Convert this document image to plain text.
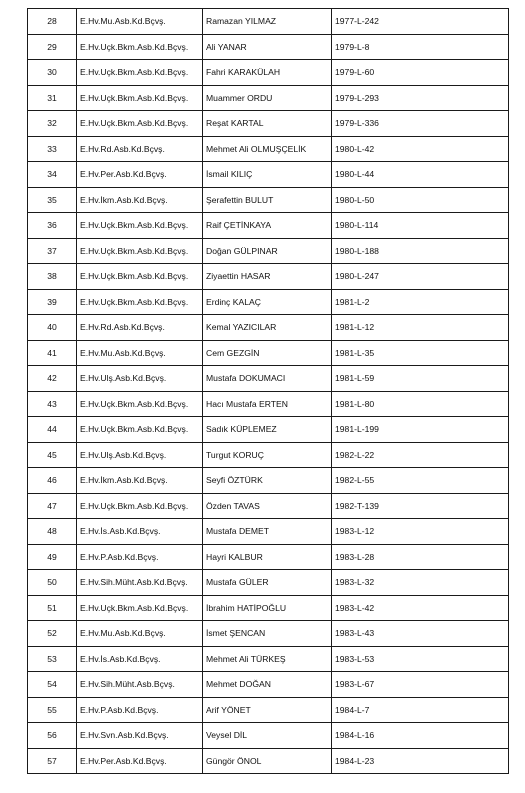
28	E.Hv.Mu.Asb.Kd.Bçvş.	Ramazan YILMAZ	1977-L-242
29	E.Hv.Uçk.Bkm.Asb.Kd.Bçvş.	Ali YANAR	1979-L-8
30	E.Hv.Uçk.Bkm.Asb.Kd.Bçvş.	Fahri KARAKÜLAH	1979-L-60
31	E.Hv.Uçk.Bkm.Asb.Kd.Bçvş.	Muammer ORDU	1979-L-293
32	E.Hv.Uçk.Bkm.Asb.Kd.Bçvş.	Reşat KARTAL	1979-L-336
33	E.Hv.Rd.Asb.Kd.Bçvş.	Mehmet Ali OLMUŞÇELİK	1980-L-42
34	E.Hv.Per.Asb.Kd.Bçvş.	İsmail KILIÇ	1980-L-44
35	E.Hv.İkm.Asb.Kd.Bçvş.	Şerafettin BULUT	1980-L-50
36	E.Hv.Uçk.Bkm.Asb.Kd.Bçvş.	Raif ÇETİNKAYA	1980-L-114
37	E.Hv.Uçk.Bkm.Asb.Kd.Bçvş.	Doğan GÜLPINAR	1980-L-188
38	E.Hv.Uçk.Bkm.Asb.Kd.Bçvş.	Ziyaettin HASAR	1980-L-247
39	E.Hv.Uçk.Bkm.Asb.Kd.Bçvş.	Erdinç KALAÇ	1981-L-2
40	E.Hv.Rd.Asb.Kd.Bçvş.	Kemal YAZICILAR	1981-L-12
41	E.Hv.Mu.Asb.Kd.Bçvş.	Cem GEZGİN	1981-L-35
42	E.Hv.Ulş.Asb.Kd.Bçvş.	Mustafa DOKUMACI	1981-L-59
43	E.Hv.Uçk.Bkm.Asb.Kd.Bçvş.	Hacı Mustafa ERTEN	1981-L-80
44	E.Hv.Uçk.Bkm.Asb.Kd.Bçvş.	Sadık KÜPLEMEZ	1981-L-199
45	E.Hv.Ulş.Asb.Kd.Bçvş.	Turgut KORUÇ	1982-L-22
46	E.Hv.İkm.Asb.Kd.Bçvş.	Seyfi ÖZTÜRK	1982-L-55
47	E.Hv.Uçk.Bkm.Asb.Kd.Bçvş.	Özden TAVAS	1982-T-139
48	E.Hv.İs.Asb.Kd.Bçvş.	Mustafa DEMET	1983-L-12
49	E.Hv.P.Asb.Kd.Bçvş.	Hayri KALBUR	1983-L-28
50	E.Hv.Sih.Müht.Asb.Kd.Bçvş.	Mustafa GÜLER	1983-L-32
51	E.Hv.Uçk.Bkm.Asb.Kd.Bçvş.	İbrahim HATİPOĞLU	1983-L-42
52	E.Hv.Mu.Asb.Kd.Bçvş.	İsmet ŞENCAN	1983-L-43
53	E.Hv.İs.Asb.Kd.Bçvş.	Mehmet Ali TÜRKEŞ	1983-L-53
54	E.Hv.Sih.Müht.Asb.Bçvş.	Mehmet DOĞAN	1983-L-67
55	E.Hv.P.Asb.Kd.Bçvş.	Arif YÖNET	1984-L-7
56	E.Hv.Svn.Asb.Kd.Bçvş.	Veysel DİL	1984-L-16
57	E.Hv.Per.Asb.Kd.Bçvş.	Güngör ÖNOL	1984-L-23
